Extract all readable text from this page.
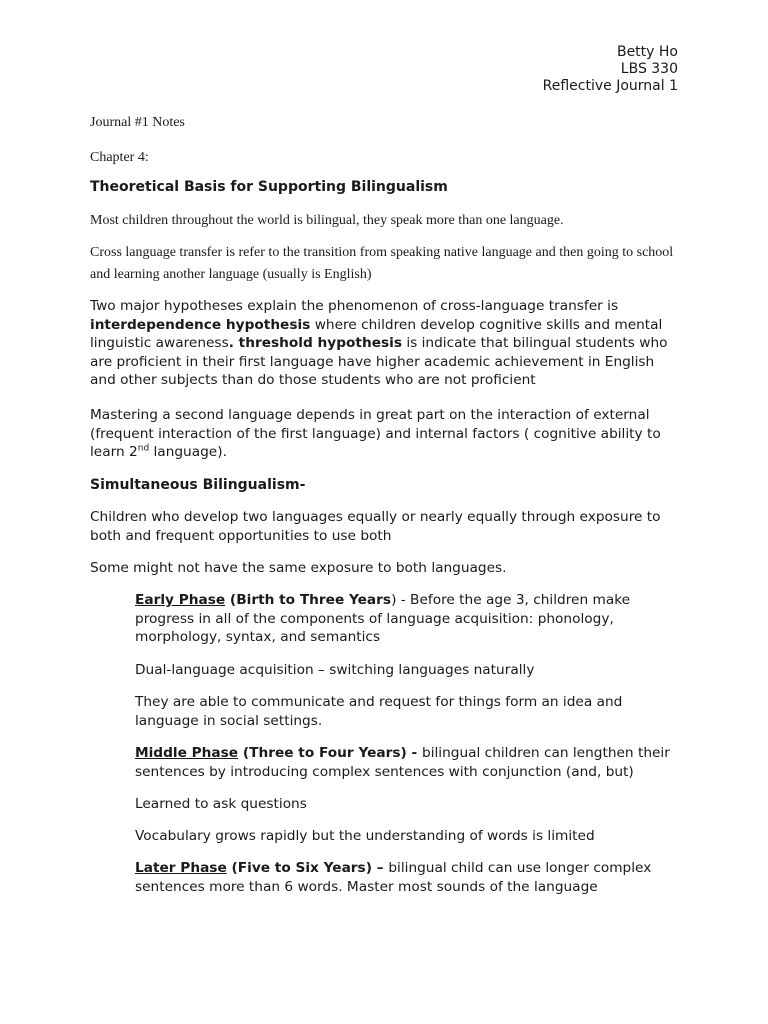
Betty Ho
LBS 330
Reflective Journal 1
Journal #1 Notes
Chapter 4:
Theoretical Basis for Supporting Bilingualism
Most children throughout the world is bilingual, they speak more than one language.
Cross language transfer is refer to the transition from speaking native language and then going to school and learning another language (usually is English)
Two major hypotheses explain the phenomenon of cross-language transfer is interdependence hypothesis where children develop cognitive skills and mental linguistic awareness. threshold hypothesis is indicate that bilingual students who are proficient in their first language have higher academic achievement in English and other subjects than do those students who are not proficient
Mastering a second language depends in great part on the interaction of external (frequent interaction of the first language) and internal factors ( cognitive ability to learn 2nd language).
Simultaneous Bilingualism-
Children who develop two languages equally or nearly equally through exposure to both and frequent opportunities to use both
Some might not have the same exposure to both languages.
Early Phase (Birth to Three Years) - Before the age 3, children make progress in all of the components of language acquisition: phonology, morphology, syntax, and semantics
Dual-language acquisition – switching languages naturally
They are able to communicate and request for things form an idea and language in social settings.
Middle Phase (Three to Four Years) - bilingual children can lengthen their sentences by introducing complex sentences with conjunction (and, but)
Learned to ask questions
Vocabulary grows rapidly but the understanding of words is limited
Later Phase (Five to Six Years) – bilingual child can use longer complex sentences more than 6 words. Master most sounds of the language
